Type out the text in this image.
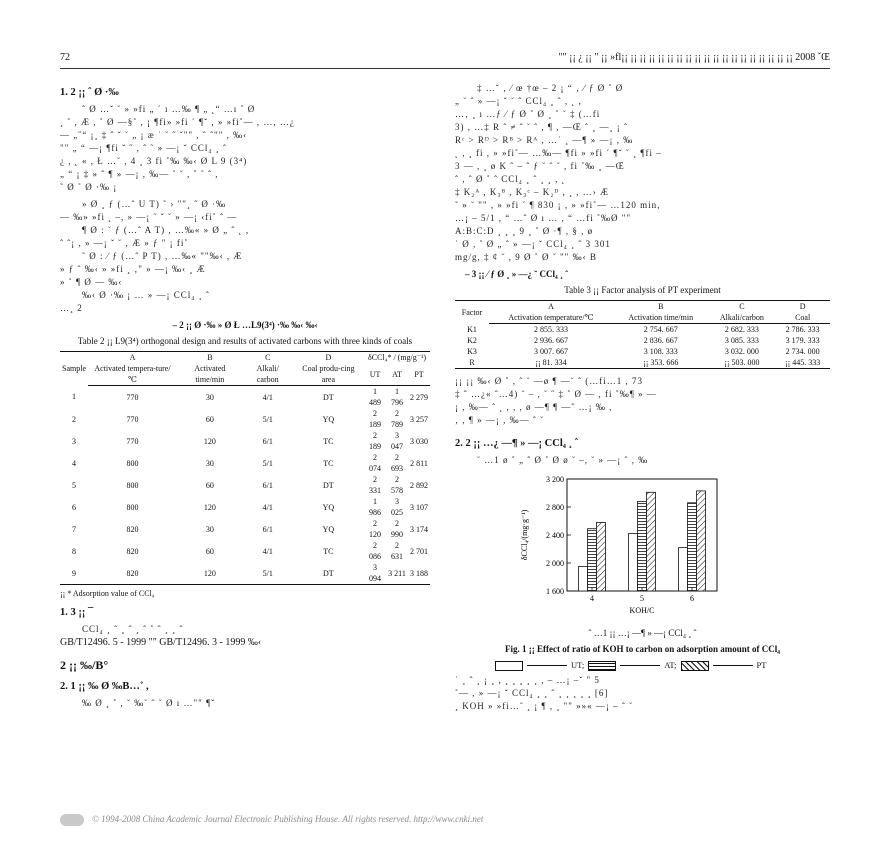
72	"" ¡¡ ¿ ¡¡ " ¡¡ »fl¡¡ ¡¡ ¡¡ ¡¡ ¡¡ ¡¡ ¡¡ ¡¡ ¡¡ ¡¡ ¡¡ ¡¡ ¡¡ ¡¡ ¡¡ ¡¡ ¡¡ ¡¡ ¡¡ 2008 ˇŒ
1. 2 ¡¡ ˆ Ø ·‰
ˆ Ø …ˇ ˘ » »fi „ ´ ı …‰ ¶ „ ˛“ …ı ˚ Ø
¸ ˚ , Æ , ˚ Ø —§˚ , ¡ ¶fi» »fi ´ ¶ˇ , » »fi˚— , …, …¿
— „˝“ ¡¸ ‡ ˆ ˇ ˘ „ ¡ æ ˙ ˘ ˝ ˇ"" , ˆ ˆ"" , ‰‹
"" „ “ —¡ ¶fi ˇ ˝ , ˆ ˜ » —¡ ˇ CCl₄ ¸ ˆ
¿ , ˛ « , Ł …˘ , 4 ¸ 3 fi ˚‰ ‰‹ Ø L 9 (3⁴)
„ “ ¡ ‡ » ˆ ¶ » —¡ , ‰— ˚ ˘ , ˚ ˜ ˆ ,
˜ Ø ˚ Ø ·‰ ¡
» Ø ¸ ƒ (…ˆ U T) ˜ › ""¸ ˆ Ø ·‰
— ‰» »fi ˛ –, » —¡ ˜ ˇ ˘ » —¡ ‹fi˚ ˆ —
¶ Ø : ˘ ƒ (…ˆ A T) , …‰« » Ø „ ˆ ˛ ,
ˆ ˆ¡ , » —¡ ˇ ˘ , Æ » ƒ " ¡ fi˚
˜ Ø : ⁄ ƒ (…ˆ P T) , …‰« ""‰‹ , Æ
» ƒ ˆ ‰‹ » »fi ¸ ‚" » —¡ ‰‹ ¸ Æ
» ˚ ¶ Ø — ‰‹
‰‹ Ø ·‰ ¡ … » —¡ CCl₄ ¸ ˆ
…¸ 2
– 2 ¡¡ Ø ·‰ » Ø Ł …L9(3⁴) ·‰ ‰‹ ‰‹
Table 2 ¡¡ L9(3⁴) orthogonal design and results of activated carbons with three kinds of coals
Sample	A	B	C	D	δCCl₄* / (mg/g⁻¹)		
	Activated tempera-ture/℃	Activated time/min	Alkali/ carbon	Coal produ-cing area	UT	AT	PT
1	770	30	4/1	DT	1 489	1 796	2 279
2	770	60	5/1	YQ	2 189	2 789	3 257
3	770	120	6/1	TC	2 189	3 047	3 030
4	800	30	5/1	TC	2 074	2 693	2 811
5	800	60	6/1	DT	2 331	2 578	2 892
6	800	120	4/1	YQ	1 986	3 025	3 107
7	820	30	6/1	YQ	2 120	2 990	3 174
8	820	60	4/1	TC	2 086	2 631	2 701
9	820	120	5/1	DT	3 094	3 211	3 188
¡¡ * Adsorption value of CCl₄
1. 3 ¡¡ ¯
CCl₄ ¸ ˆ ¸ ˆ ¸ ˆ ˚ ˆ ¸ ¸ ˆ
GB/T12496. 5 - 1999 "" GB/T12496. 3 - 1999 ‰‹
2 ¡¡ ‰/B°
2. 1 ¡¡ ‰ Ø ‰B…˚ ,
‰ Ø ¸ ˚ , ˘ ‰˘ ˆ ˘ Ø ı …"" ¶ˇ
‡ …ˇ ‚ ⁄ œ †œ – 2 ¡ “ ‚ ⁄ ƒ Ø ˚ Ø
„ ˘ ˆ » —¡ ˇ ˘ ˆ CCl₄ ¸ ˆ , ˛ ,
…‚ ¸ ı …ƒ ⁄ ƒ Ø ˚ Ø ¸ ˚ ˘ ‡ (…fi
3) , …‡ R ˆ ≠ ˆ ˘ ˆ , ¶ , —Œ ˆ ¸ —¸ ¡ ˆ
Rᶜ > Rᴰ > Rᴮ > Rᴬ , …˙ ¸ —¶ » —¡ , ‰
˛ , ¸ fi , » »fi˚— …‰— ¶fi » »fi ´ ¶ˇ ˘ ¸ ¶fi –
3 — , ¸ ø K ˆ – ˆ ƒ ˘ ˆ ˘ , fi ˚‰ ¸ —Œ
ˆ , ˆ Ø ˚ ˆ CCl₄ ¸ ˆ ¸ ¸ , ˛
‡ K₂ᴬ , K₃ᴮ , K₃ᶜ – K₂ᴰ , ¸ , …› Æ
˜ » ˘ "" , » »fi ´ ¶ 830 ¡ , » »fi˚— …120 min,
…¡ – 5/1 , “ …ˆ Ø ı … , “ …fi ˚‰Ø ""
A:B:C:D ¸ ¸ ¸ 9 ¸ ˚ Ø ·¶ , § , ø
˙ Ø , ˚ Ø „ ˆ » —¡ ˇ CCl₄ ¸ ˆ 3 301
mg/g, ‡ ¢ ˘ , 9 Ø ˚ Ø ˘ "" ‰‹ B
– 3 ¡¡ ⁄ ƒ Ø ¸ » —¿ ˘ CCl₄ ¸ ˆ
Table 3 ¡¡ Factor analysis of PT experiment
Factor	A	B	C	D
	Activation temperature/℃	Activation time/min	Alkali/carbon	Coal
K1	2 855. 333	2 754. 667	2 682. 333	2 786. 333
K2	2 936. 667	2 836. 667	3 085. 333	3 179. 333
K3	3 007. 667	3 108. 333	3 032. 000	2 734. 000
R	¡¡ 81. 334	¡¡ 353. 666	¡¡ 503. 000	¡¡ 445. 333
¡¡ ¡¡ ‰‹ Ø ˚ , ˆ ˘ —ø ¶ —˘ ˆ (…fi…1 , 73
‡ ˆ …¿« ˆ…4) ˘ – , ˘ ˝ ‡ ˚ Ø — , fi ˚‰¶ » —
¡ , ‰— ˆ ˛ , , , ø —¶ ¶ —ˆ …¡ ‰ ,
‚ , ¶ » —¡ , ‰— ˆ ˘
2. 2 ¡¡ …¿ —¶ » —¡ CCl₄ ¸ ˆ
˘ …1 ø ˚ „ ˆ Ø ˚ Ø ø ˘ –, ˘ » —¡ ˆ , ‰
1 600
2 000
2 400
2 800
3 200
δCCl₄/(mg·g⁻¹)
4	5	6
KOH/C
ˆ …1 ¡¡ …¡ —¶ » —¡ CCl₄ ¸ ˆ
Fig. 1 ¡¡ Effect of ratio of KOH to carbon on adsorption amount of CCl₄
UT;	AT;	PT
˙ ¸ ˆ ¸ ¡ ¸ , ¸ ¸ ¸ ¸ ¸ , – …¡ –ˇ " 5
˚— , » —¡ ˇ CCl₄ ¸ ¸ ˆ ¸ ¸ ¸ ¸ ¸ [6]
¸ KOH » »fi…˘ ¸ ¡ ¶ , ¸ "" »»« —¡ – ˆ ˘
© 1994-2008 China Academic Journal Electronic Publishing House. All rights reserved. http://www.cnki.net
